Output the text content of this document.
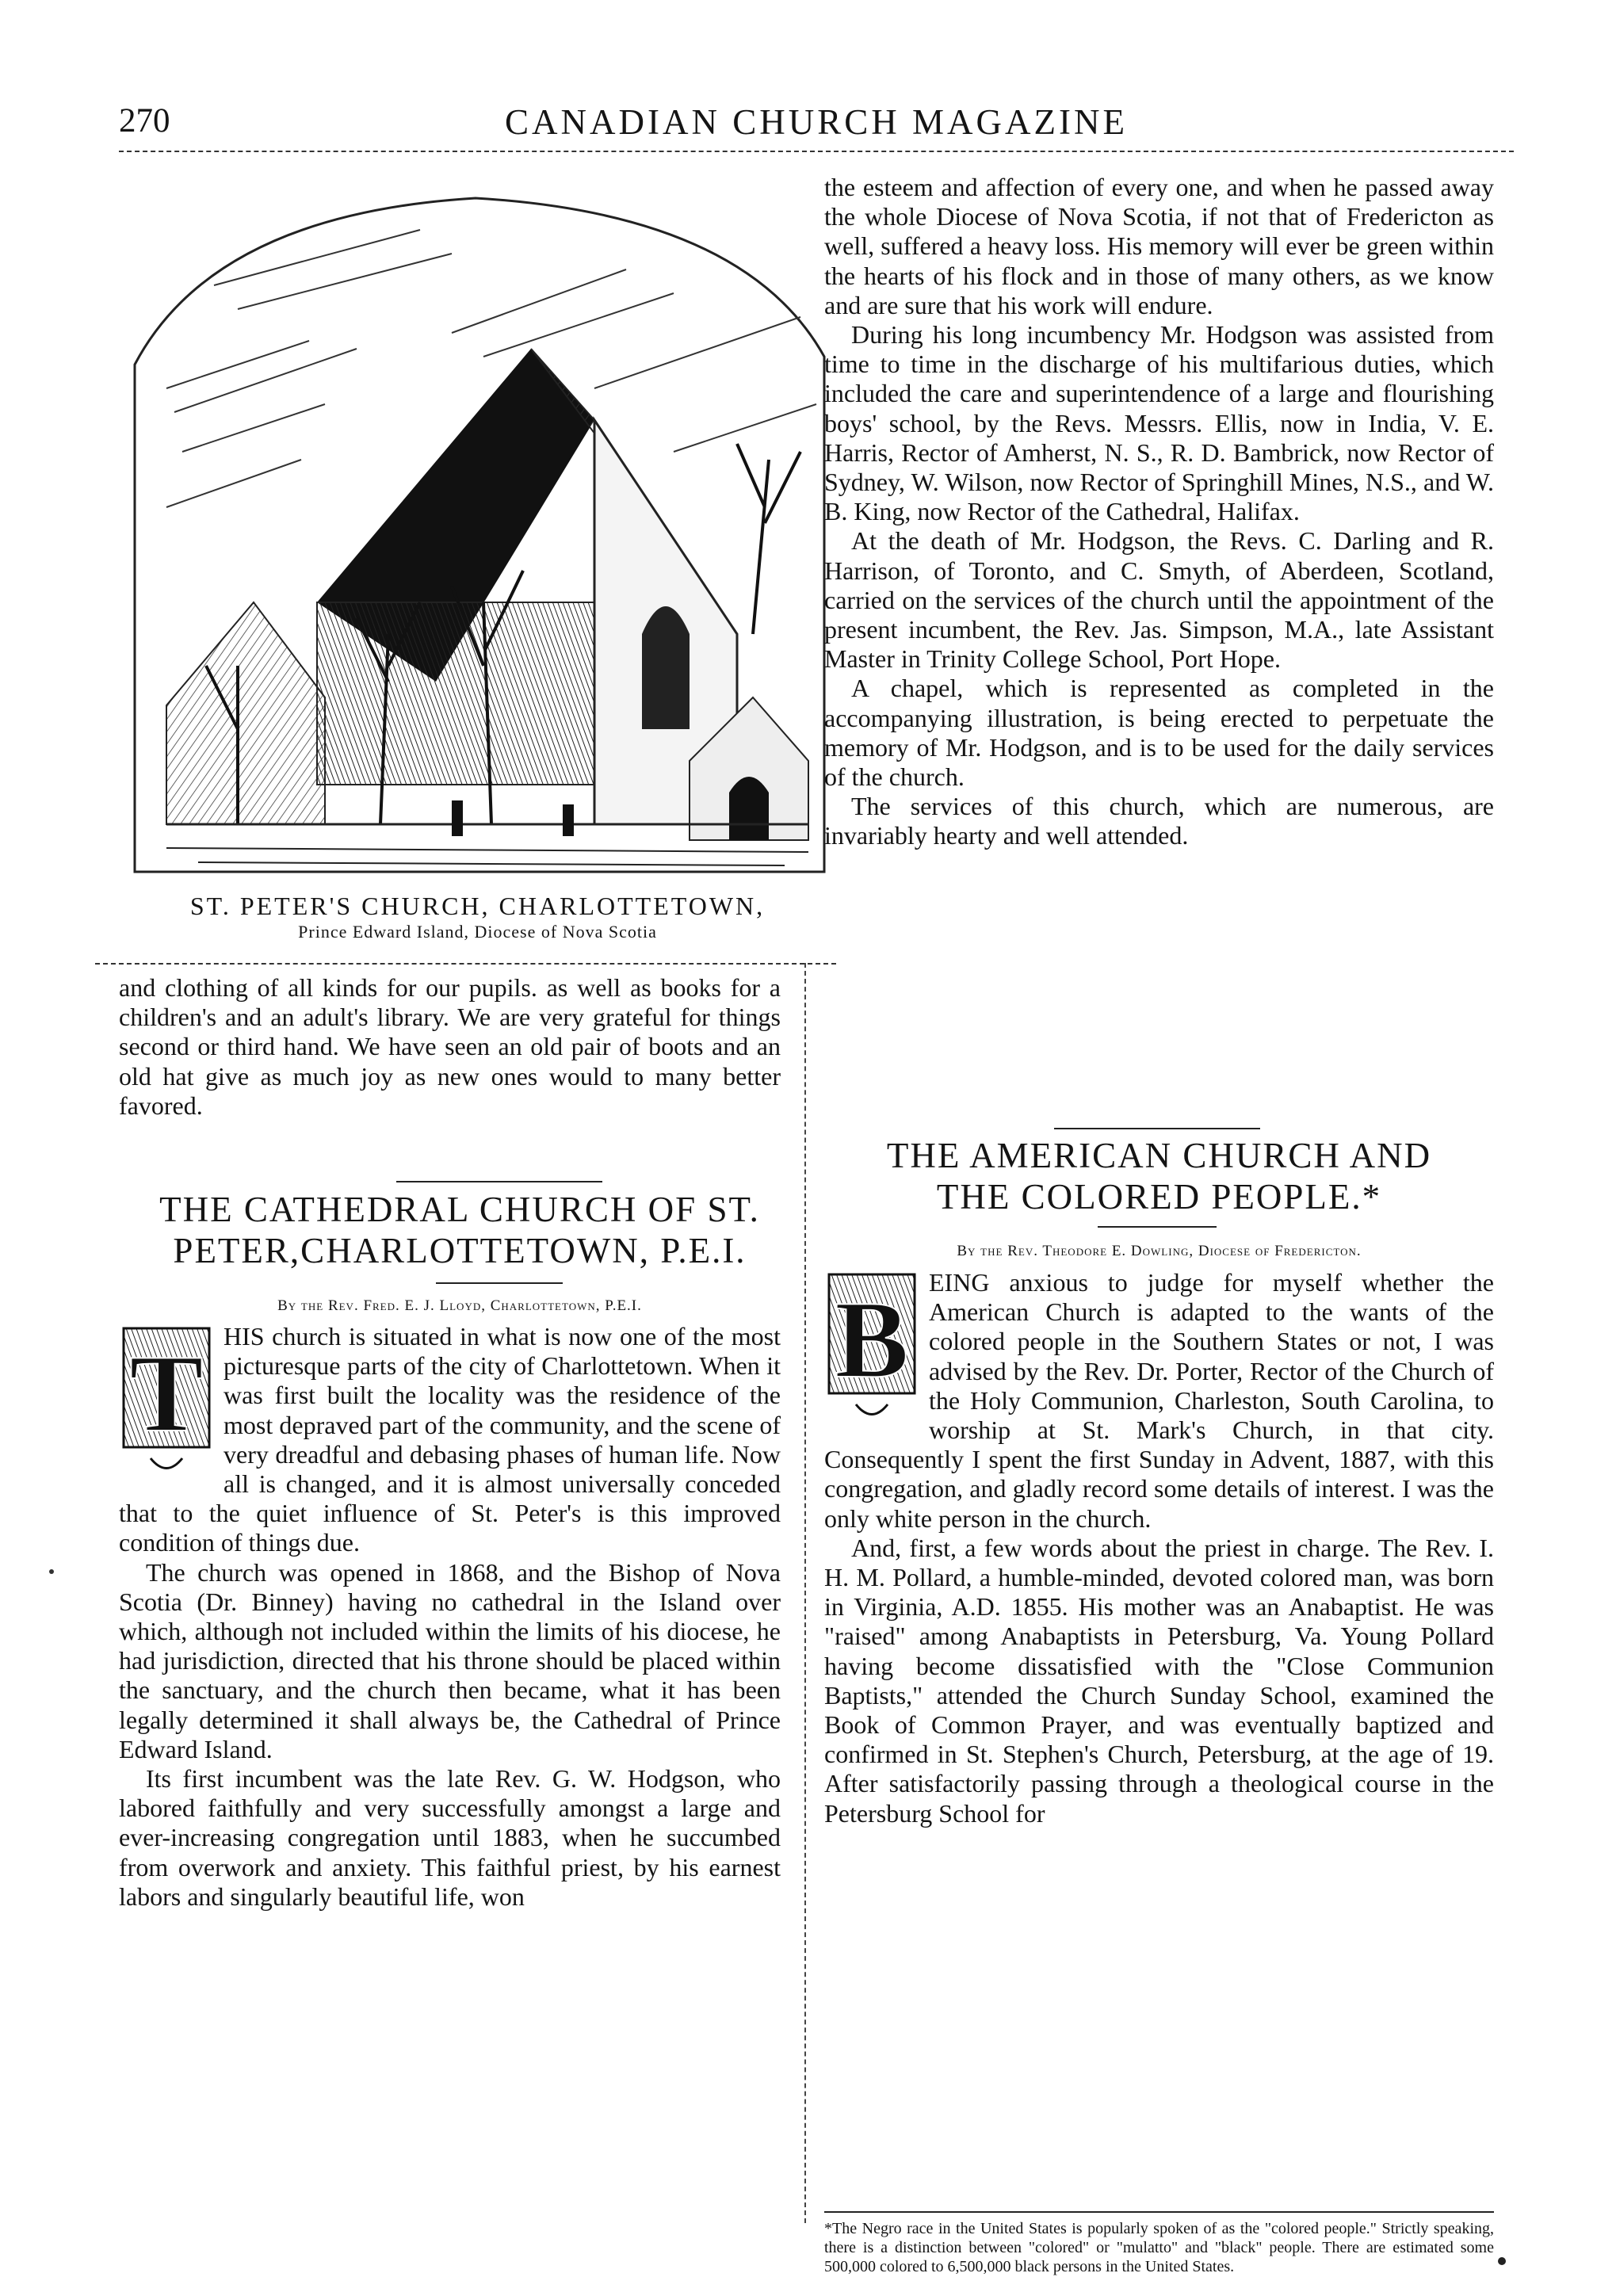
270	CANADIAN CHURCH MAGAZINE
ST. PETER'S CHURCH, CHARLOTTETOWN,
Prince Edward Island, Diocese of Nova Scotia

and clothing of all kinds for our pupils. as well as books for a children's and an adult's library. We are very grateful for things second or third hand. We have seen an old pair of boots and an old hat give as much joy as new ones would to many better favored.

THE CATHEDRAL CHURCH OF ST.
PETER,CHARLOTTETOWN, P.E.I.
By the Rev. Fred. E. J. Lloyd, Charlottetown, P.E.I.
T HIS church is situated in what is now one of the most picturesque parts of the city of Charlottetown. When it was first built the locality was the residence of the most depraved part of the community, and the scene of very dreadful and debasing phases of human life. Now all is changed, and it is almost universally conceded that to the quiet influence of St. Peter's is this improved condition of things due.

The church was opened in 1868, and the Bishop of Nova Scotia (Dr. Binney) having no cathedral in the Island over which, although not included within the limits of his diocese, he had jurisdiction, directed that his throne should be placed within the sanctuary, and the church then became, what it has been legally determined it shall always be, the Cathedral of Prince Edward Island.

Its first incumbent was the late Rev. G. W. Hodgson, who labored faithfully and very successfully amongst a large and ever-increasing congregation until 1883, when he succumbed from overwork and anxiety. This faithful priest, by his earnest labors and singularly beautiful life, won

the esteem and affection of every one, and when he passed away the whole Diocese of Nova Scotia, if not that of Fredericton as well, suffered a heavy loss. His memory will ever be green within the hearts of his flock and in those of many others, as we know and are sure that his work will endure.

During his long incumbency Mr. Hodgson was assisted from time to time in the discharge of his multifarious duties, which included the care and superintendence of a large and flourishing boys' school, by the Revs. Messrs. Ellis, now in India, V. E. Harris, Rector of Amherst, N. S., R. D. Bambrick, now Rector of Sydney, W. Wilson, now Rector of Springhill Mines, N.S., and W. B. King, now Rector of the Cathedral, Halifax.

At the death of Mr. Hodgson, the Revs. C. Darling and R. Harrison, of Toronto, and C. Smyth, of Aberdeen, Scotland, carried on the services of the church until the appointment of the present incumbent, the Rev. Jas. Simpson, M.A., late Assistant Master in Trinity College School, Port Hope.

A chapel, which is represented as completed in the accompanying illustration, is being erected to perpetuate the memory of Mr. Hodgson, and is to be used for the daily services of the church.

The services of this church, which are numerous, are invariably hearty and well attended.

THE AMERICAN CHURCH AND
THE COLORED PEOPLE.*
By the Rev. Theodore E. Dowling, Diocese of Fredericton.
B EING anxious to judge for myself whether the American Church is adapted to the wants of the colored people in the Southern States or not, I was advised by the Rev. Dr. Porter, Rector of the Church of the Holy Communion, Charleston, South Carolina, to worship at St. Mark's Church, in that city. Consequently I spent the first Sunday in Advent, 1887, with this congregation, and gladly record some details of interest. I was the only white person in the church.

And, first, a few words about the priest in charge. The Rev. I. H. M. Pollard, a humble-minded, devoted colored man, was born in Virginia, A.D. 1855. His mother was an Anabaptist. He was "raised" among Anabaptists in Petersburg, Va. Young Pollard having become dissatisfied with the "Close Communion Baptists," attended the Church Sunday School, examined the Book of Common Prayer, and was eventually baptized and confirmed in St. Stephen's Church, Petersburg, at the age of 19. After satisfactorily passing through a theological course in the Petersburg School for

*The Negro race in the United States is popularly spoken of as the "colored people." Strictly speaking, there is a distinction between "colored" or "mulatto" and "black" people. There are estimated some 500,000 colored to 6,500,000 black persons in the United States.
